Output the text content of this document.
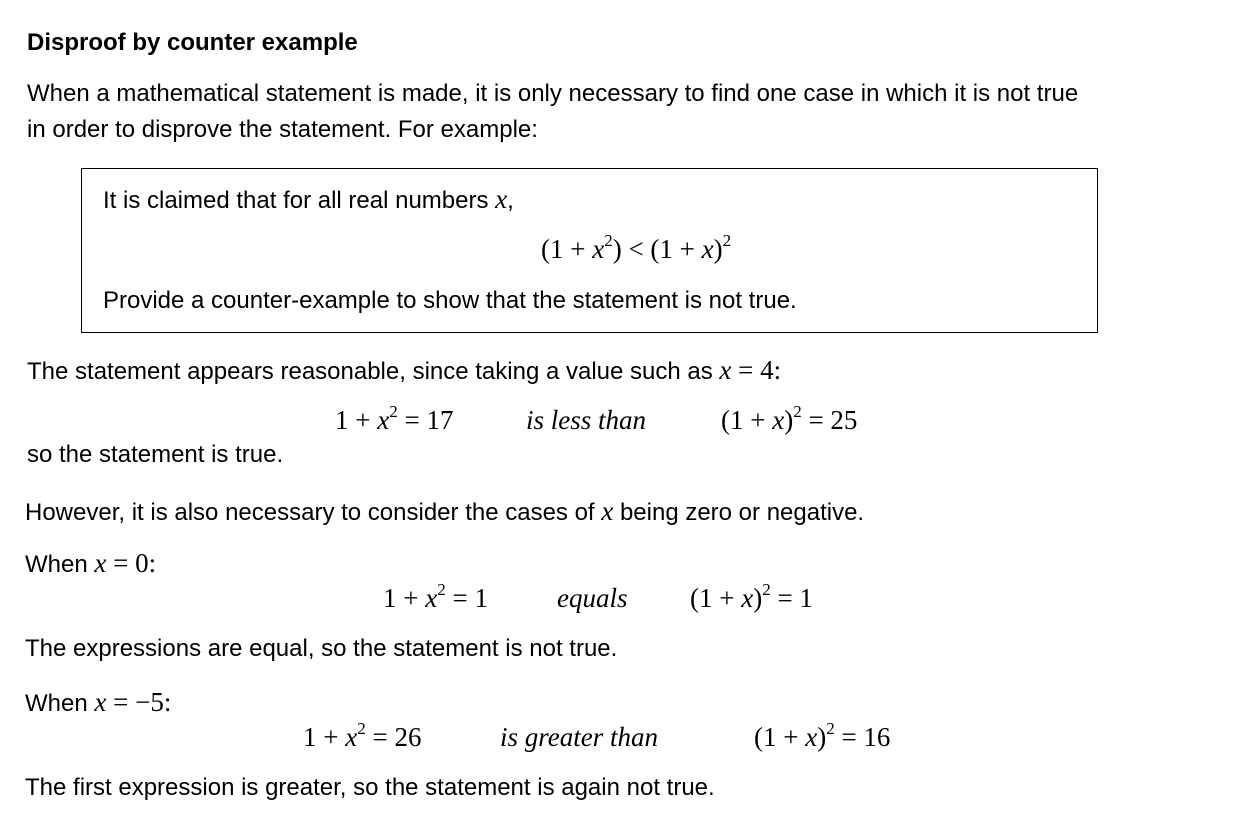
Disproof by counter example
When a mathematical statement is made, it is only necessary to find one case in which it is not true
in order to disprove the statement. For example:
It is claimed that for all real numbers x,
$(1 + x^2) < (1 + x)^2$
Provide a counter-example to show that the statement is not true.
The statement appears reasonable, since taking a value such as x = 4:
$1 + x^2 = 17$	is less than	$(1 + x)^2 = 25$
so the statement is true.
However, it is also necessary to consider the cases of x being zero or negative.
When x = 0:
$1 + x^2 = 1$	equals $(1 + x)^2 = 1$
The expressions are equal, so the statement is not true.
When x = −5:
$1 + x^2 = 26$	is greater than	$(1 + x)^2 = 16$
The first expression is greater, so the statement is again not true.
